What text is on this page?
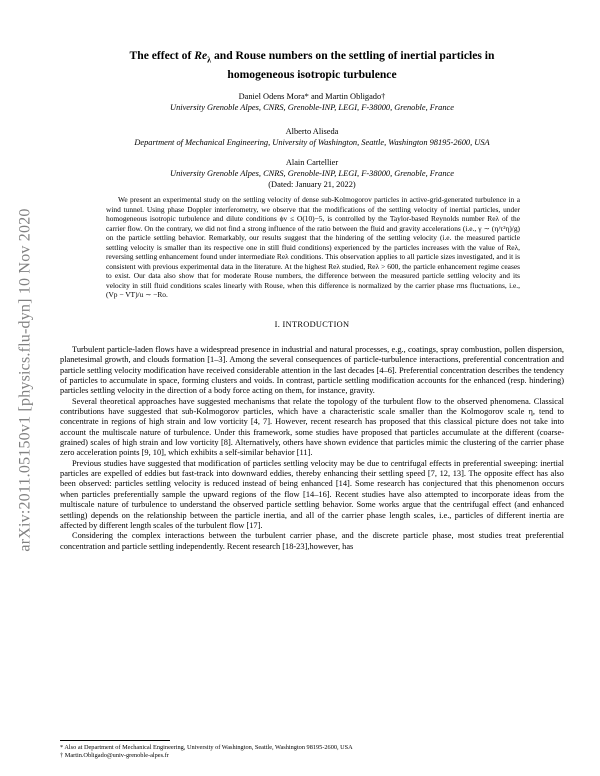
arXiv:2011.05150v1 [physics.flu-dyn] 10 Nov 2020
The effect of $Re_\lambda$ and Rouse numbers on the settling of inertial particles in
homogeneous isotropic turbulence
Daniel Odens Mora* and Martin Obligado†
University Grenoble Alpes, CNRS, Grenoble-INP, LEGI, F-38000, Grenoble, France
Alberto Aliseda
Department of Mechanical Engineering, University of Washington, Seattle, Washington 98195-2600, USA
Alain Cartellier
University Grenoble Alpes, CNRS, Grenoble-INP, LEGI, F-38000, Grenoble, France
(Dated: January 21, 2022)

We present an experimental study on the settling velocity of dense sub-Kolmogorov particles in active-grid-generated turbulence in a wind tunnel. Using phase Doppler interferometry, we observe that the modifications of the settling velocity of inertial particles, under homogeneous isotropic turbulence and dilute conditions ϕv ≤ O(10)−5, is controlled by the Taylor-based Reynolds number Reλ of the carrier flow. On the contrary, we did not find a strong influence of the ratio between the fluid and gravity accelerations (i.e., γ ∼ (η/τ²η)/g) on the particle settling behavior. Remarkably, our results suggest that the hindering of the settling velocity (i.e. the measured particle settling velocity is smaller than its respective one in still fluid conditions) experienced by the particles increases with the value of Reλ, reversing settling enhancement found under intermediate Reλ conditions. This observation applies to all particle sizes investigated, and it is consistent with previous experimental data in the literature. At the highest Reλ studied, Reλ > 600, the particle enhancement regime ceases to exist. Our data also show that for moderate Rouse numbers, the difference between the measured particle settling velocity and its velocity in still fluid conditions scales linearly with Rouse, when this difference is normalized by the carrier phase rms fluctuations, i.e., (Vp − VT)/u ∼ −Ro.

I. INTRODUCTION

Turbulent particle-laden flows have a widespread presence in industrial and natural processes, e.g., coatings, spray combustion, pollen dispersion, planetesimal growth, and clouds formation [1–3]. Among the several consequences of particle-turbulence interactions, preferential concentration and particle settling velocity modification have received considerable attention in the last decades [4–6]. Preferential concentration describes the tendency of particles to accumulate in space, forming clusters and voids. In contrast, particle settling modification accounts for the enhanced (resp. hindering) particles settling velocity in the direction of a body force acting on them, for instance, gravity.

Several theoretical approaches have suggested mechanisms that relate the topology of the turbulent flow to the observed phenomena. Classical contributions have suggested that sub-Kolmogorov particles, which have a characteristic scale smaller than the Kolmogorov scale η, tend to concentrate in regions of high strain and low vorticity [4, 7]. However, recent research has proposed that this classical picture does not take into account the multiscale nature of turbulence. Under this framework, some studies have proposed that particles accumulate at the different (coarse-grained) scales of high strain and low vorticity [8]. Alternatively, others have shown evidence that particles mimic the clustering of the carrier phase zero acceleration points [9, 10], which exhibits a self-similar behavior [11].

Previous studies have suggested that modification of particles settling velocity may be due to centrifugal effects in preferential sweeping: inertial particles are expelled of eddies but fast-track into downward eddies, thereby enhancing their settling speed [7, 12, 13]. The opposite effect has also been observed: particles settling velocity is reduced instead of being enhanced [14]. Some research has conjectured that this phenomenon occurs when particles preferentially sample the upward regions of the flow [14–16]. Recent studies have also attempted to incorporate ideas from the multiscale nature of turbulence to understand the observed particle settling behavior. Some works argue that the centrifugal effect (and enhanced settling) depends on the relationship between the particle inertia, and all of the carrier phase length scales, i.e., particles of different inertia are affected by different length scales of the turbulent flow [17].

Considering the complex interactions between the turbulent carrier phase, and the discrete particle phase, most studies treat preferential concentration and particle settling independently. Recent research [18-23],however, has

* Also at Department of Mechanical Engineering, University of Washington, Seattle, Washington 98195-2600, USA
† Martin.Obligado@univ-grenoble-alpes.fr
